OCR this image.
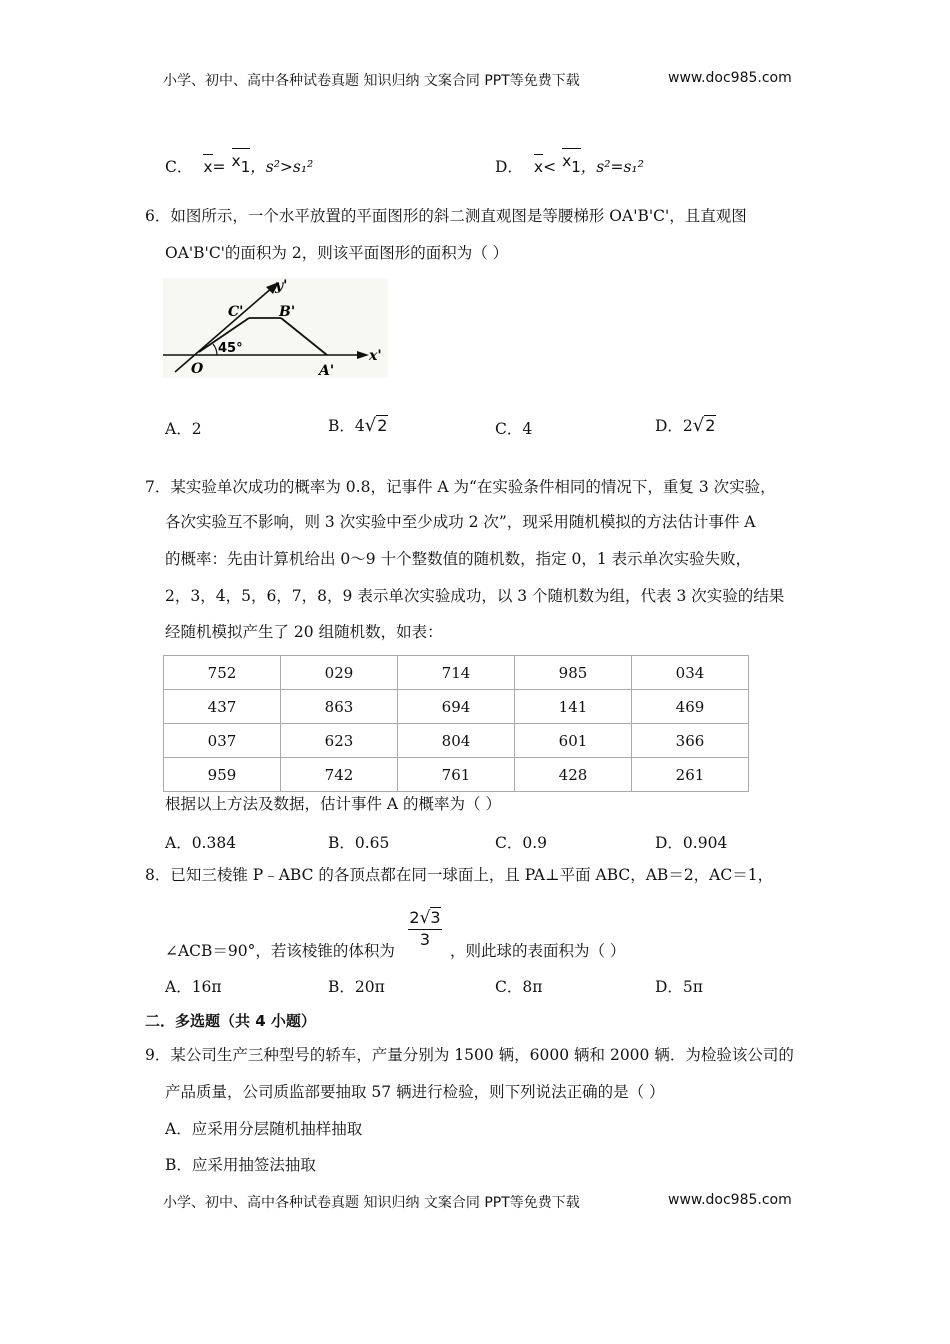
小学、初中、高中各种试卷真题 知识归纳 文案合同 PPT等免费下载	www.doc985.com
C． x= x1，s²>s₁²	D． x< x1，s²=s₁²
6．如图所示，一个水平放置的平面图形的斜二测直观图是等腰梯形 OA'B'C'，且直观图
OA'B'C'的面积为 2，则该平面图形的面积为（ ）
y'
x'
C'	B'
O	A'
45°
A．2	B．4√2	C．4	D．2√2
7．某实验单次成功的概率为 0.8，记事件 A 为“在实验条件相同的情况下，重复 3 次实验，
各次实验互不影响，则 3 次实验中至少成功 2 次”，现采用随机模拟的方法估计事件 A
的概率：先由计算机给出 0～9 十个整数值的随机数，指定 0，1 表示单次实验失败，
2，3，4，5，6，7，8，9 表示单次实验成功，以 3 个随机数为组，代表 3 次实验的结果
经随机模拟产生了 20 组随机数，如表：
752	029	714	985	034
437	863	694	141	469
037	623	804	601	366
959	742	761	428	261
根据以上方法及数据，估计事件 A 的概率为（ ）
A．0.384	B．0.65	C．0.9	D．0.904
8．已知三棱锥 P﹣ABC 的各顶点都在同一球面上，且 PA⊥平面 ABC，AB＝2，AC＝1，
2√3
3
∠ACB＝90°，若该棱锥的体积为	，则此球的表面积为（ ）
A．16π	B．20π	C．8π	D．5π
二．多选题（共 4 小题）
9．某公司生产三种型号的轿车，产量分别为 1500 辆，6000 辆和 2000 辆．为检验该公司的
产品质量，公司质监部要抽取 57 辆进行检验，则下列说法正确的是（ ）
A．应采用分层随机抽样抽取
B．应采用抽签法抽取
小学、初中、高中各种试卷真题 知识归纳 文案合同 PPT等免费下载	www.doc985.com
